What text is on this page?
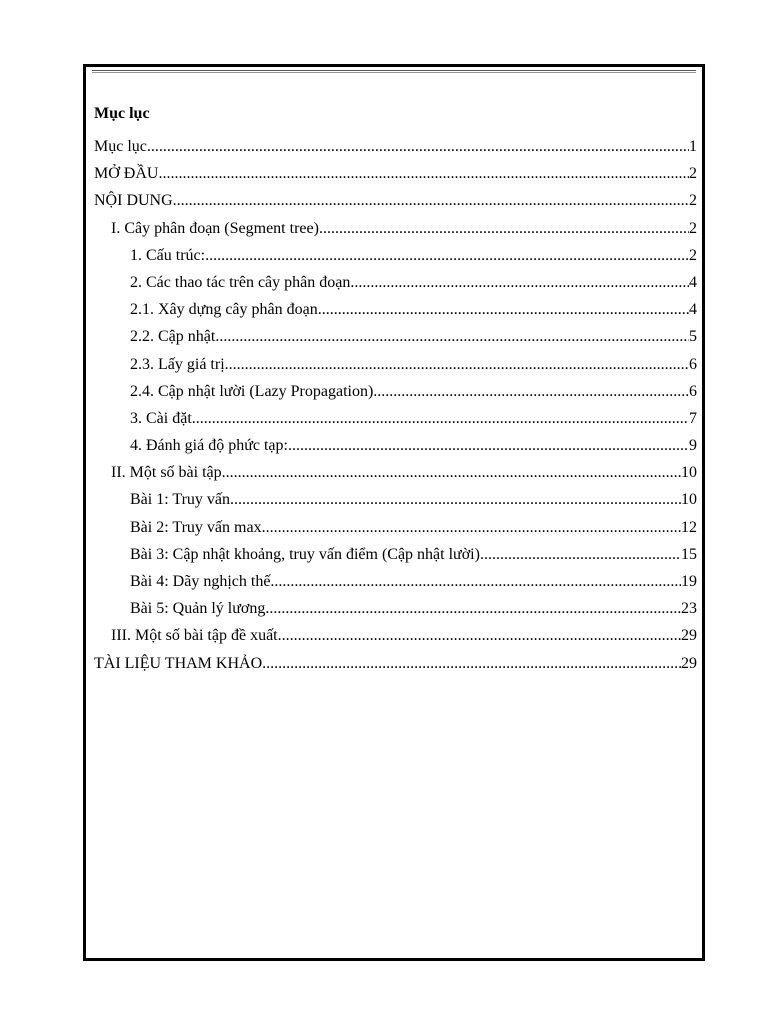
Mục lục
Mục lục .....	1
MỞ ĐẦU .....	2
NỘI DUNG .....	2
I. Cây phân đoạn (Segment tree) .....	2
1. Cấu trúc: .....	2
2. Các thao tác trên cây phân đoạn .....	4
2.1. Xây dựng cây phân đoạn .....	4
2.2. Cập nhật .....	5
2.3. Lấy giá trị .....	6
2.4. Cập nhật lười (Lazy Propagation) .....	6
3. Cài đặt .....	7
4. Đánh giá độ phức tạp: .....	9
II. Một số bài tập .....	10
Bài 1: Truy vấn .....	10
Bài 2: Truy vấn max .....	12
Bài 3: Cập nhật khoảng, truy vấn điểm (Cập nhật lười) .....	15
Bài 4: Dãy nghịch thế .....	19
Bài 5: Quản lý lương .....	23
III. Một số bài tập đề xuất .....	29
TÀI LIỆU THAM KHẢO .....	29
